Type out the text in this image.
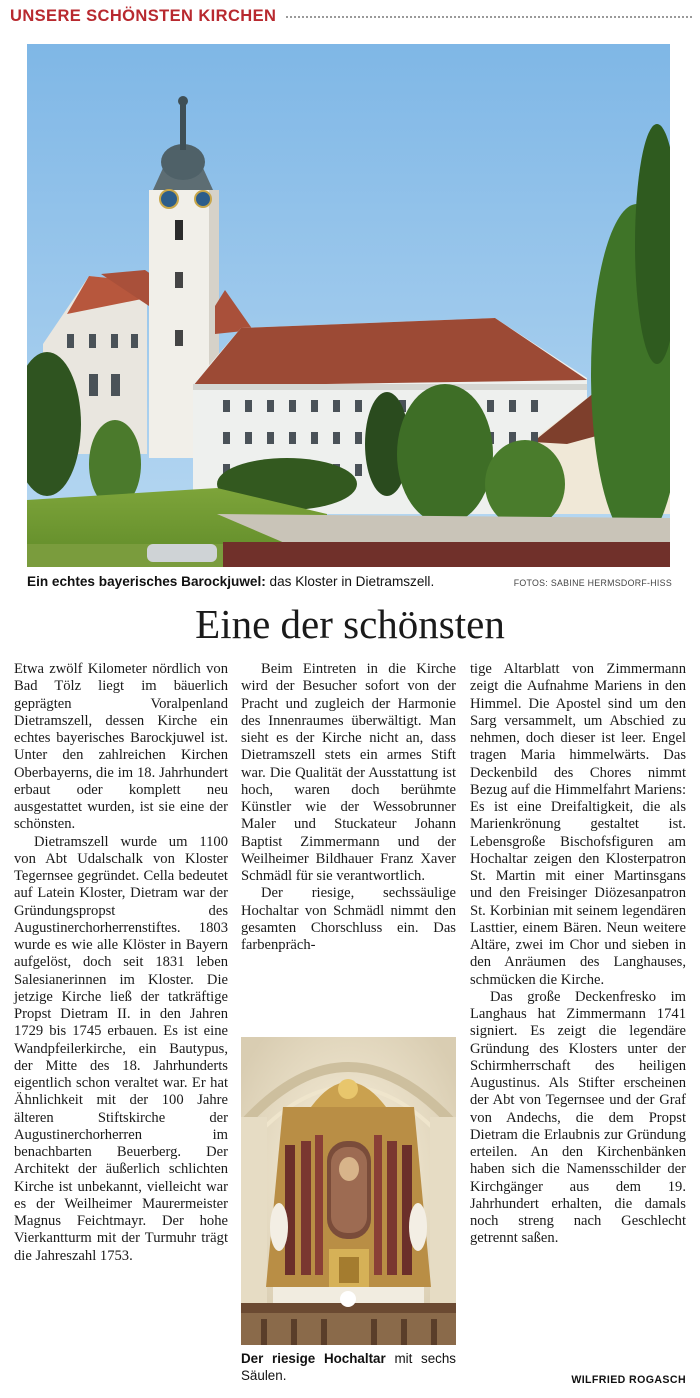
UNSERE SCHÖNSTEN KIRCHEN
Ein echtes bayerisches Barockjuwel: das Kloster in Dietramszell.	FOTOS: SABINE HERMSDORF-HISS
Eine der schönsten

Etwa zwölf Kilometer nördlich von Bad Tölz liegt im bäuerlich geprägten Voralpenland Dietramszell, dessen Kirche ein echtes bayerisches Barockjuwel ist. Unter den zahlreichen Kirchen Oberbayerns, die im 18. Jahrhundert erbaut oder komplett neu ausgestattet wurden, ist sie eine der schönsten.

Dietramszell wurde um 1100 von Abt Udalschalk von Kloster Tegernsee gegründet. Cella bedeutet auf Latein Kloster, Dietram war der Gründungspropst des Augustinerchorherrenstiftes. 1803 wurde es wie alle Klöster in Bayern aufgelöst, doch seit 1831 leben Salesianerinnen im Kloster. Die jetzige Kirche ließ der tatkräftige Propst Dietram II. in den Jahren 1729 bis 1745 erbauen. Es ist eine Wandpfeilerkirche, ein Bautypus, der Mitte des 18. Jahrhunderts eigentlich schon veraltet war. Er hat Ähnlichkeit mit der 100 Jahre älteren Stiftskirche der Augustinerchorherren im benachbarten Beuerberg. Der Architekt der äußerlich schlichten Kirche ist unbekannt, vielleicht war es der Weilheimer Maurermeister Magnus Feichtmayr. Der hohe Vierkantturm mit der Turmuhr trägt die Jahreszahl 1753.

Beim Eintreten in die Kirche wird der Besucher sofort von der Pracht und zugleich der Harmonie des Innenraumes überwältigt. Man sieht es der Kirche nicht an, dass Dietramszell stets ein armes Stift war. Die Qualität der Ausstattung ist hoch, waren doch berühmte Künstler wie der Wessobrunner Maler und Stuckateur Johann Baptist Zimmermann und der Weilheimer Bildhauer Franz Xaver Schmädl für sie verantwortlich.

Der riesige, sechssäulige Hochaltar von Schmädl nimmt den gesamten Chorschluss ein. Das farbenpräch-

Der riesige Hochaltar mit sechs Säulen.

tige Altarblatt von Zimmermann zeigt die Aufnahme Mariens in den Himmel. Die Apostel sind um den Sarg versammelt, um Abschied zu nehmen, doch dieser ist leer. Engel tragen Maria himmelwärts. Das Deckenbild des Chores nimmt Bezug auf die Himmelfahrt Mariens: Es ist eine Dreifaltigkeit, die als Marienkrönung gestaltet ist. Lebensgroße Bischofsfiguren am Hochaltar zeigen den Klosterpatron St. Martin mit einer Martinsgans und den Freisinger Diözesanpatron St. Korbinian mit seinem legendären Lasttier, einem Bären. Neun weitere Altäre, zwei im Chor und sieben in den Anräumen des Langhauses, schmücken die Kirche.

Das große Deckenfresko im Langhaus hat Zimmermann 1741 signiert. Es zeigt die legendäre Gründung des Klosters unter der Schirmherrschaft des heiligen Augustinus. Als Stifter erscheinen der Abt von Tegernsee und der Graf von Andechs, die dem Propst Dietram die Erlaubnis zur Gründung erteilen. An den Kirchenbänken haben sich die Namensschilder der Kirchgänger aus dem 19. Jahrhundert erhalten, die damals noch streng nach Geschlecht getrennt saßen.

WILFRIED ROGASCH
